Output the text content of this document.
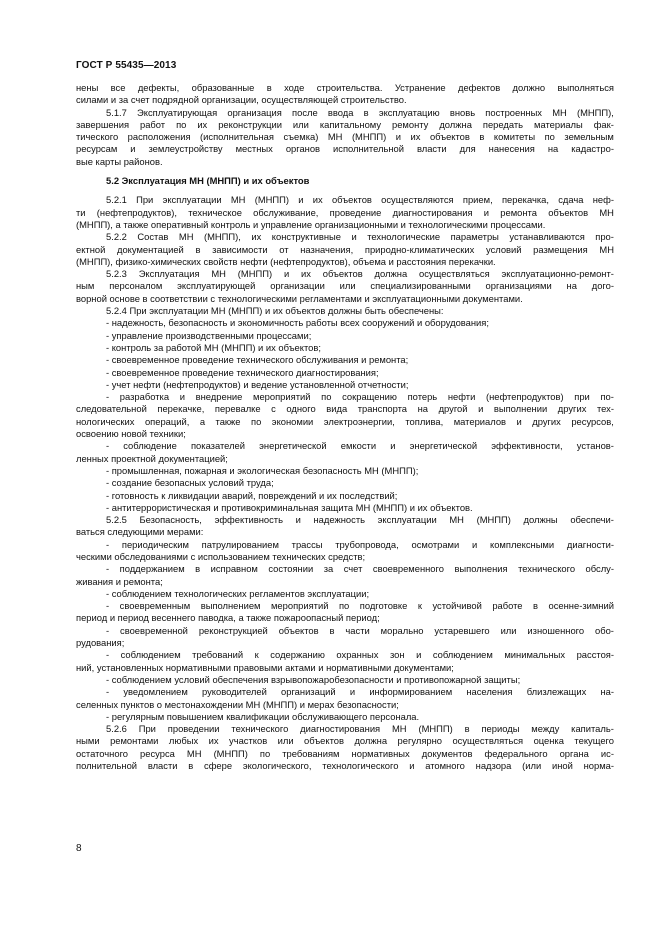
ГОСТ Р 55435—2013
нены все дефекты, образованные в ходе строительства. Устранение дефектов должно выполняться
силами и за счет подрядной организации, осуществляющей строительство.
5.1.7 Эксплуатирующая организация после ввода в эксплуатацию вновь построенных МН (МНПП),
завершения работ по их реконструкции или капитальному ремонту должна передать материалы фак-
тического расположения (исполнительная съемка) МН (МНПП) и их объектов в комитеты по земельным
ресурсам и землеустройству местных органов исполнительной власти для нанесения на кадастро-
вые карты районов.
5.2 Эксплуатация МН (МНПП) и их объектов
5.2.1 При эксплуатации МН (МНПП) и их объектов осуществляются прием, перекачка, сдача неф-
ти (нефтепродуктов), техническое обслуживание, проведение диагностирования и ремонта объектов МН
(МНПП), а также оперативный контроль и управление организационными и технологическими процессами.
5.2.2 Состав МН (МНПП), их конструктивные и технологические параметры устанавливаются про-
ектной документацией в зависимости от назначения, природно-климатических условий размещения МН
(МНПП), физико-химических свойств нефти (нефтепродуктов), объема и расстояния перекачки.
5.2.3 Эксплуатация МН (МНПП) и их объектов должна осуществляться эксплуатационно-ремонт-
ным персоналом эксплуатирующей организации или специализированными организациями на дого-
ворной основе в соответствии с технологическими регламентами и эксплуатационными документами.
5.2.4 При эксплуатации МН (МНПП) и их объектов должны быть обеспечены:
- надежность, безопасность и экономичность работы всех сооружений и оборудования;
- управление производственными процессами;
- контроль за работой МН (МНПП) и их объектов;
- своевременное проведение технического обслуживания и ремонта;
- своевременное проведение технического диагностирования;
- учет нефти (нефтепродуктов) и ведение установленной отчетности;
- разработка и внедрение мероприятий по сокращению потерь нефти (нефтепродуктов) при по-
следовательной перекачке, перевалке с одного вида транспорта на другой и выполнении других тех-
нологических операций, а также по экономии электроэнергии, топлива, материалов и других ресурсов,
освоению новой техники;
- соблюдение показателей энергетической емкости и энергетической эффективности, установ-
ленных проектной документацией;
- промышленная, пожарная и экологическая безопасность МН (МНПП);
- создание безопасных условий труда;
- готовность к ликвидации аварий, повреждений и их последствий;
- антитеррористическая и противокриминальная защита МН (МНПП) и их объектов.
5.2.5 Безопасность, эффективность и надежность эксплуатации МН (МНПП) должны обеспечи-
ваться следующими мерами:
- периодическим патрулированием трассы трубопровода, осмотрами и комплексными диагности-
ческими обследованиями с использованием технических средств;
- поддержанием в исправном состоянии за счет своевременного выполнения технического обслу-
живания и ремонта;
- соблюдением технологических регламентов эксплуатации;
- своевременным выполнением мероприятий по подготовке к устойчивой работе в осенне-зимний
период и период весеннего паводка, а также пожароопасный период;
- своевременной реконструкцией объектов в части морально устаревшего или изношенного обо-
рудования;
- соблюдением требований к содержанию охранных зон и соблюдением минимальных расстоя-
ний, установленных нормативными правовыми актами и нормативными документами;
- соблюдением условий обеспечения взрывопожаробезопасности и противопожарной защиты;
- уведомлением руководителей организаций и информированием населения близлежащих на-
селенных пунктов о местонахождении МН (МНПП) и мерах безопасности;
- регулярным повышением квалификации обслуживающего персонала.
5.2.6 При проведении технического диагностирования МН (МНПП) в периоды между капиталь-
ными ремонтами любых их участков или объектов должна регулярно осуществляться оценка текущего
остаточного ресурса МН (МНПП) по требованиям нормативных документов федерального органа ис-
полнительной власти в сфере экологического, технологического и атомного надзора (или иной норма-
8
